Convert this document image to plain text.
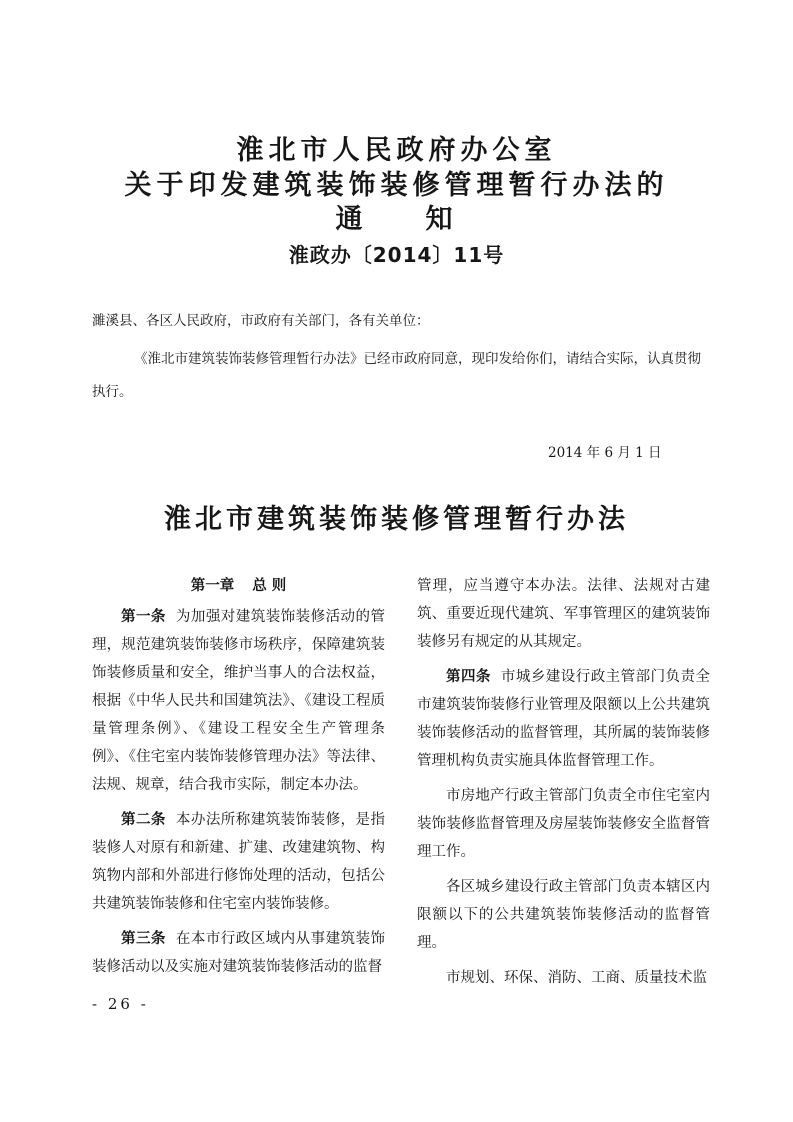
淮北市人民政府办公室
关于印发建筑装饰装修管理暂行办法的
通 知
淮政办〔2014〕11号

濉溪县、各区人民政府，市政府有关部门，各有关单位：

《淮北市建筑装饰装修管理暂行办法》已经市政府同意，现印发给你们，请结合实际，认真贯彻执行。

2014 年 6 月 1 日

淮北市建筑装饰装修管理暂行办法
第一章 总 则

第一条 为加强对建筑装饰装修活动的管理，规范建筑装饰装修市场秩序，保障建筑装饰装修质量和安全，维护当事人的合法权益，根据《中华人民共和国建筑法》、《建设工程质量管理条例》、《建设工程安全生产管理条例》、《住宅室内装饰装修管理办法》等法律、法规、规章，结合我市实际，制定本办法。

第二条 本办法所称建筑装饰装修，是指装修人对原有和新建、扩建、改建建筑物、构筑物内部和外部进行修饰处理的活动，包括公共建筑装饰装修和住宅室内装饰装修。

第三条 在本市行政区域内从事建筑装饰装修活动以及实施对建筑装饰装修活动的监督

管理，应当遵守本办法。法律、法规对古建筑、重要近现代建筑、军事管理区的建筑装饰装修另有规定的从其规定。

第四条 市城乡建设行政主管部门负责全市建筑装饰装修行业管理及限额以上公共建筑装饰装修活动的监督管理，其所属的装饰装修管理机构负责实施具体监督管理工作。

市房地产行政主管部门负责全市住宅室内装饰装修监督管理及房屋装饰装修安全监督管理工作。

各区城乡建设行政主管部门负责本辖区内限额以下的公共建筑装饰装修活动的监督管理。

市规划、环保、消防、工商、质量技术监

- 26 -
